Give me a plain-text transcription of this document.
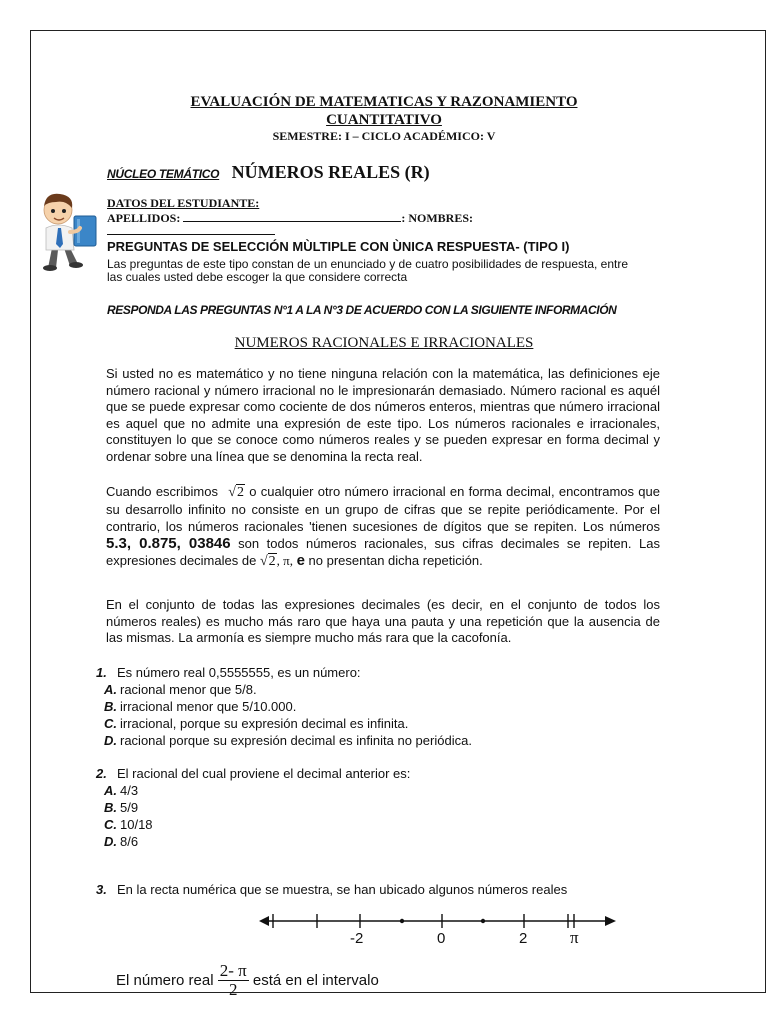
EVALUACIÓN DE MATEMATICAS Y RAZONAMIENTO
CUANTITATIVO
SEMESTRE: I – CICLO ACADÉMICO: V
NÚCLEO TEMÁTICO NÚMEROS REALES (R)
DATOS DEL ESTUDIANTE:
APELLIDOS:	: NOMBRES:
PREGUNTAS DE SELECCIÓN MÙLTIPLE CON ÙNICA RESPUESTA- (TIPO I)
Las preguntas de este tipo constan de un enunciado y de cuatro posibilidades de respuesta, entre
las cuales usted debe escoger la que considere correcta
RESPONDA LAS PREGUNTAS N°1 A LA N°3 DE ACUERDO CON LA SIGUIENTE INFORMACIÓN
NUMEROS RACIONALES E IRRACIONALES
Si usted no es matemático y no tiene ninguna relación con la matemática, las definiciones eje número racional y número irracional no le impresionarán demasiado. Número racional es aquél que se puede expresar como cociente de dos números enteros, mientras que número irracional es aquel que no admite una expresión de este tipo. Los números racionales e irracionales, constituyen lo que se conoce como números reales y se pueden expresar en forma decimal y ordenar sobre una línea que se denomina la recta real.
Cuando escribimos √2 o cualquier otro número irracional en forma decimal, encontramos que su desarrollo infinito no consiste en un grupo de cifras que se repite periódicamente. Por el contrario, los números racionales 'tienen sucesiones de dígitos que se repiten. Los números 5.3, 0.875, 03846 son todos números racionales, sus cifras decimales se repiten. Las expresiones decimales de √2, π, e no presentan dicha repetición.
En el conjunto de todas las expresiones decimales (es decir, en el conjunto de todos los números reales) es mucho más raro que haya una pauta y una repetición que la ausencia de las mismas. La armonía es siempre mucho más rara que la cacofonía.
1. Es número real 0,5555555, es un número:
A. racional menor que 5/8.
B. irracional menor que 5/10.000.
C. irracional, porque su expresión decimal es infinita.
D. racional porque su expresión decimal es infinita no periódica.
2. El racional del cual proviene el decimal anterior es:
A. 4/3
B. 5/9
C. 10/18
D. 8/6
3. En la recta numérica que se muestra, se han ubicado algunos números reales
-2	0	2	π
El número real $\frac{2- \pi}{2}$ está en el intervalo
